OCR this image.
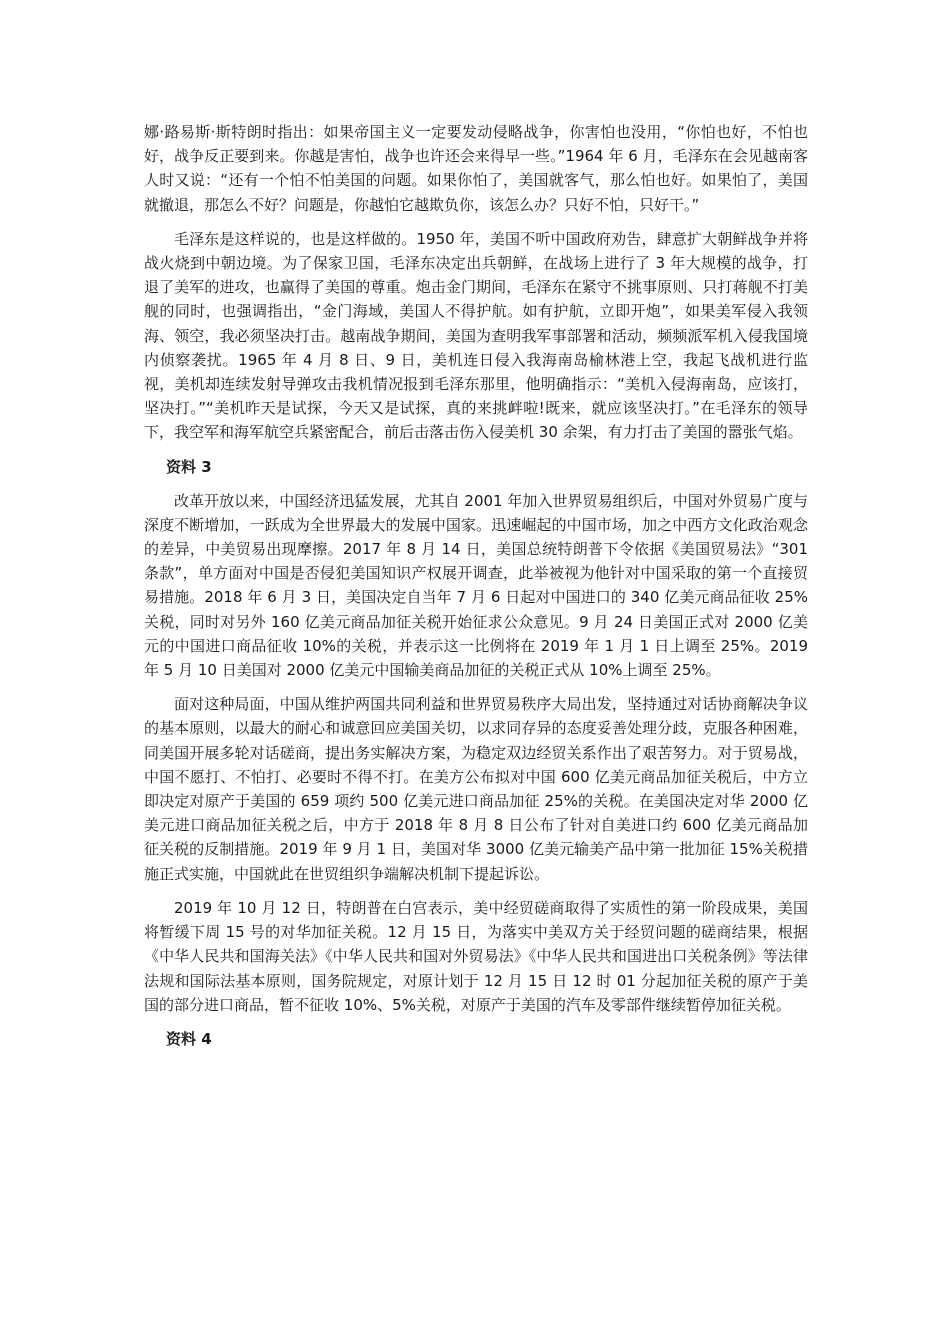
娜·路易斯·斯特朗时指出：如果帝国主义一定要发动侵略战争，你害怕也没用，“你怕也好，不怕也好，战争反正要到来。你越是害怕，战争也许还会来得早一些。”1964 年 6 月，毛泽东在会见越南客人时又说：“还有一个怕不怕美国的问题。如果你怕了，美国就客气，那么怕也好。如果怕了，美国就撤退，那怎么不好？问题是，你越怕它越欺负你，该怎么办？只好不怕，只好干。”

毛泽东是这样说的，也是这样做的。1950 年，美国不听中国政府劝告，肆意扩大朝鲜战争并将战火烧到中朝边境。为了保家卫国，毛泽东决定出兵朝鲜，在战场上进行了 3 年大规模的战争，打退了美军的进攻，也赢得了美国的尊重。炮击金门期间，毛泽东在紧守不挑事原则、只打蒋舰不打美舰的同时，也强调指出，“金门海域，美国人不得护航。如有护航，立即开炮”，如果美军侵入我领海、领空，我必须坚决打击。越南战争期间，美国为查明我军事部署和活动，频频派军机入侵我国境内侦察袭扰。1965 年 4 月 8 日、9 日，美机连日侵入我海南岛榆林港上空，我起飞战机进行监视，美机却连续发射导弹攻击我机情况报到毛泽东那里，他明确指示：“美机入侵海南岛，应该打，坚决打。”“美机昨天是试探，今天又是试探，真的来挑衅啦!既来，就应该坚决打。”在毛泽东的领导下，我空军和海军航空兵紧密配合，前后击落击伤入侵美机 30 余架，有力打击了美国的嚣张气焰。

资料 3

改革开放以来，中国经济迅猛发展，尤其自 2001 年加入世界贸易组织后，中国对外贸易广度与深度不断增加，一跃成为全世界最大的发展中国家。迅速崛起的中国市场，加之中西方文化政治观念的差异，中美贸易出现摩擦。2017 年 8 月 14 日，美国总统特朗普下令依据《美国贸易法》“301 条款”，单方面对中国是否侵犯美国知识产权展开调查，此举被视为他针对中国采取的第一个直接贸易措施。2018 年 6 月 3 日，美国决定自当年 7 月 6 日起对中国进口的 340 亿美元商品征收 25%关税，同时对另外 160 亿美元商品加征关税开始征求公众意见。9 月 24 日美国正式对 2000 亿美元的中国进口商品征收 10%的关税，并表示这一比例将在 2019 年 1 月 1 日上调至 25%。2019 年 5 月 10 日美国对 2000 亿美元中国输美商品加征的关税正式从 10%上调至 25%。

面对这种局面，中国从维护两国共同利益和世界贸易秩序大局出发，坚持通过对话协商解决争议的基本原则，以最大的耐心和诚意回应美国关切，以求同存异的态度妥善处理分歧，克服各种困难，同美国开展多轮对话磋商，提出务实解决方案，为稳定双边经贸关系作出了艰苦努力。对于贸易战，中国不愿打、不怕打、必要时不得不打。在美方公布拟对中国 600 亿美元商品加征关税后，中方立即决定对原产于美国的 659 项约 500 亿美元进口商品加征 25%的关税。在美国决定对华 2000 亿美元进口商品加征关税之后，中方于 2018 年 8 月 8 日公布了针对自美进口约 600 亿美元商品加征关税的反制措施。2019 年 9 月 1 日，美国对华 3000 亿美元输美产品中第一批加征 15%关税措施正式实施，中国就此在世贸组织争端解决机制下提起诉讼。

2019 年 10 月 12 日，特朗普在白宫表示，美中经贸磋商取得了实质性的第一阶段成果，美国将暂缓下周 15 号的对华加征关税。12 月 15 日，为落实中美双方关于经贸问题的磋商结果，根据《中华人民共和国海关法》《中华人民共和国对外贸易法》《中华人民共和国进出口关税条例》等法律法规和国际法基本原则，国务院规定，对原计划于 12 月 15 日 12 时 01 分起加征关税的原产于美国的部分进口商品，暂不征收 10%、5%关税，对原产于美国的汽车及零部件继续暂停加征关税。

资料 4
